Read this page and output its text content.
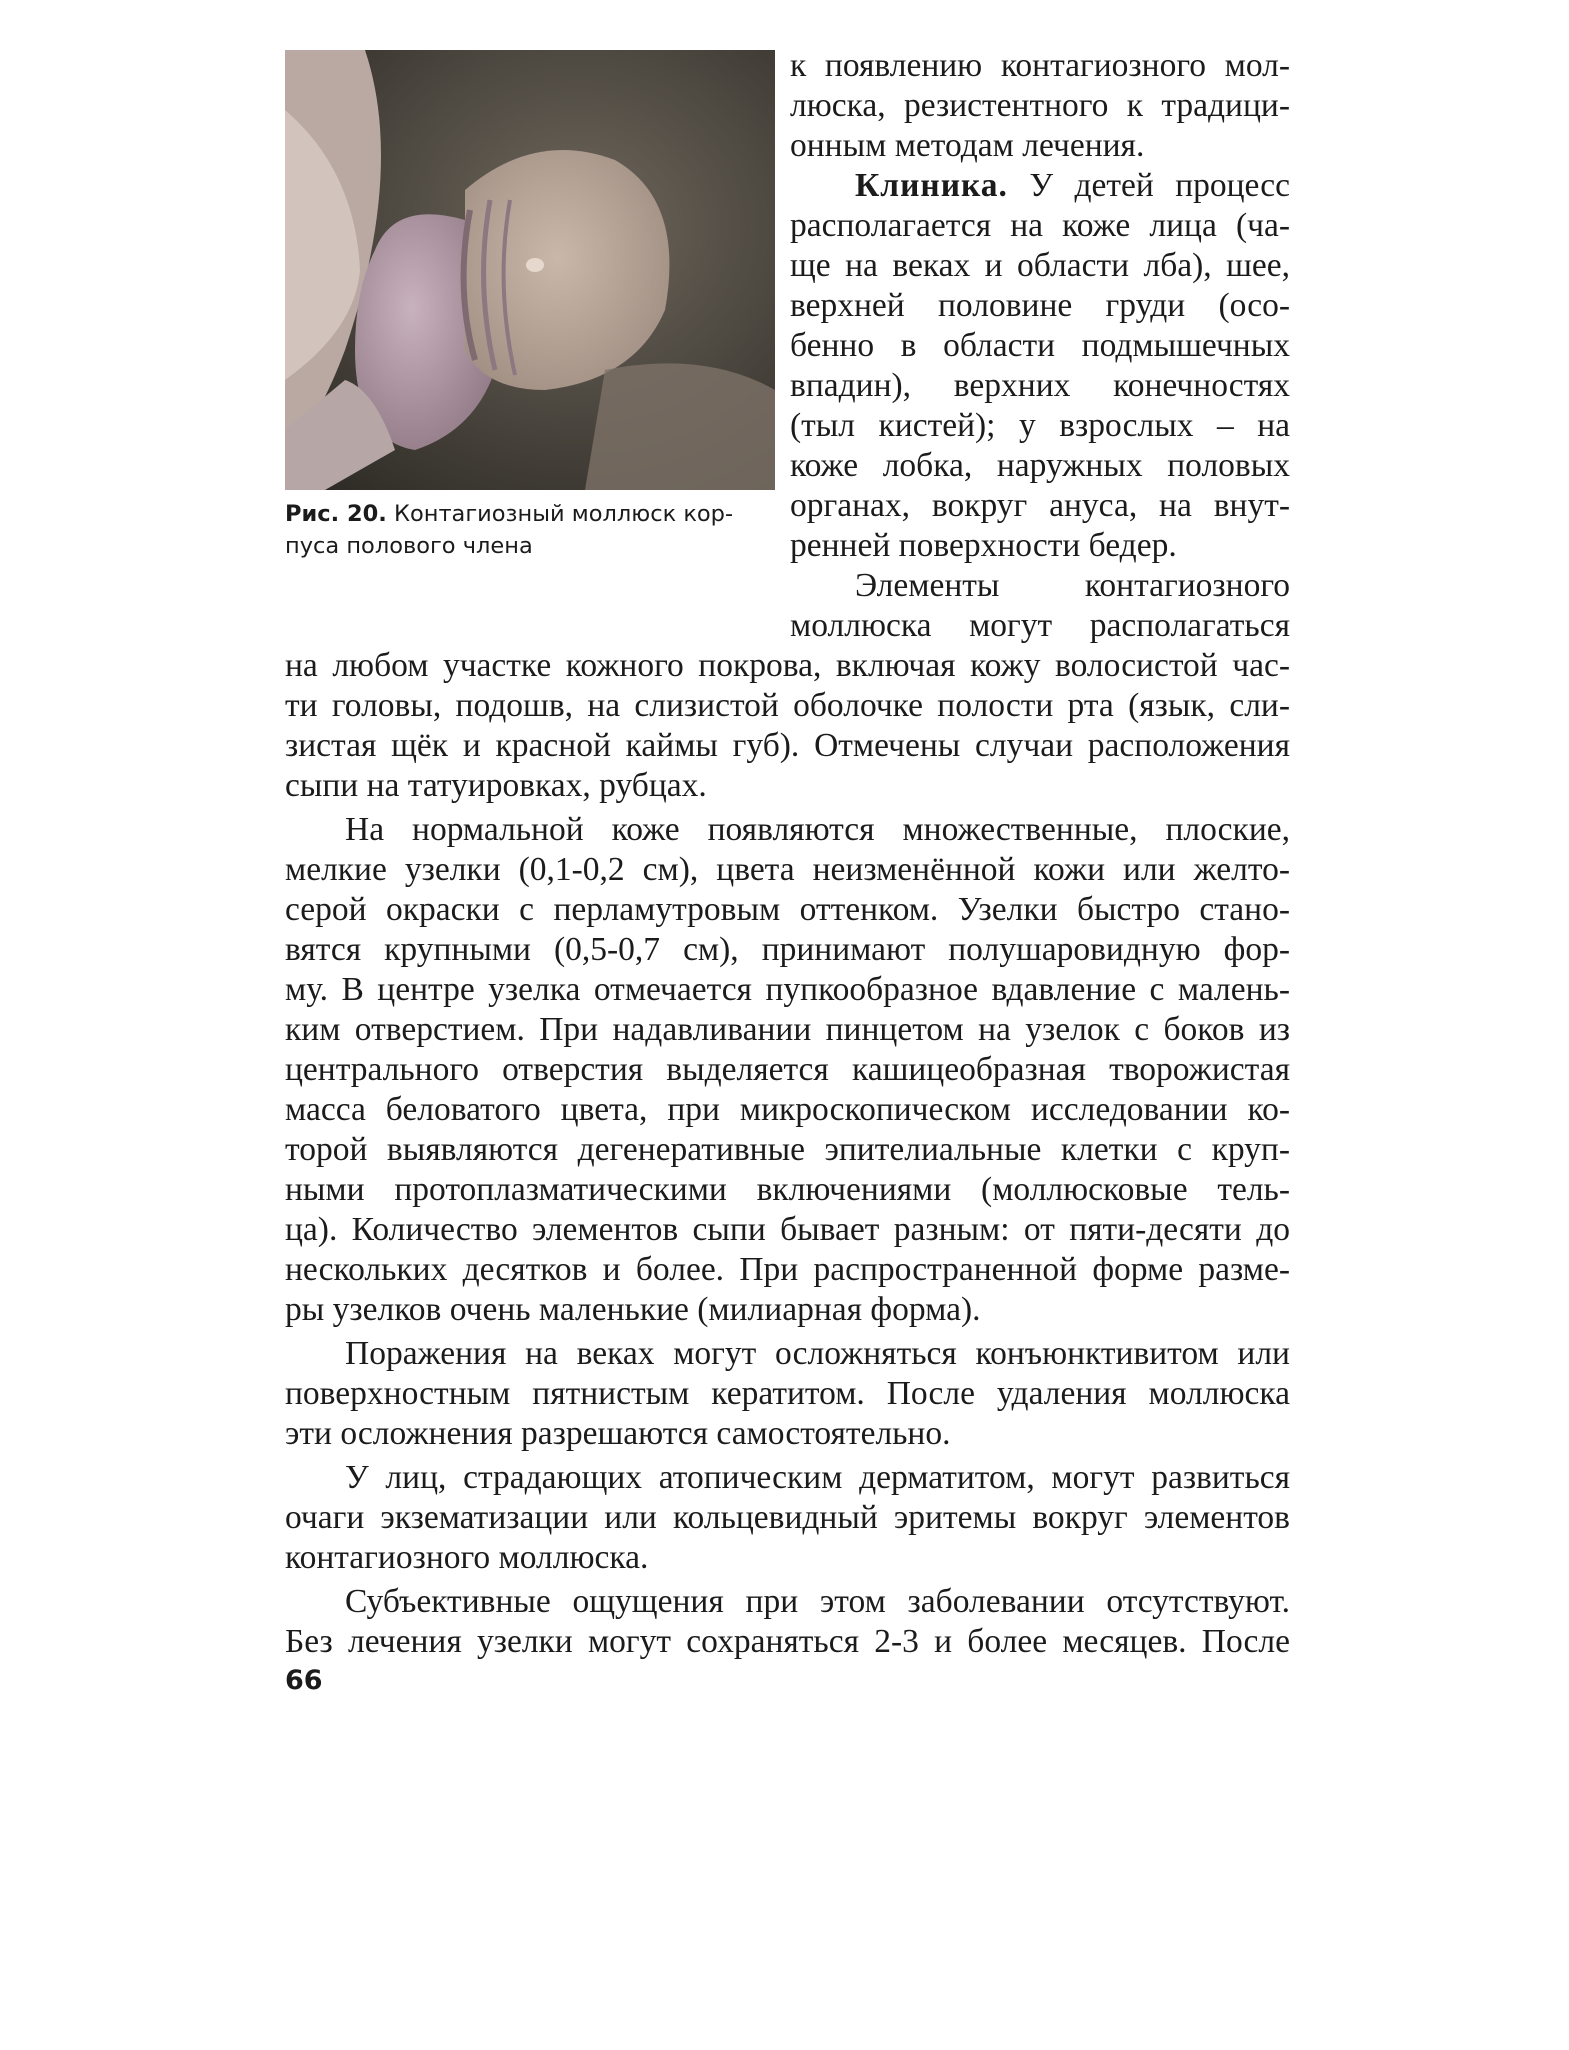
Рис. 20. Контагиозный моллюск кор-
пуса полового члена
к появлению контагиозного мол-
люска, резистентного к традици-
онным методам лечения.
Клиника. У детей процесс
располагается на коже лица (ча-
ще на веках и области лба), шее,
верхней половине груди (осо-
бенно в области подмышечных
впадин), верхних конечностях
(тыл кистей); у взрослых – на
коже лобка, наружных половых
органах, вокруг ануса, на внут-
ренней поверхности бедер.
Элементы контагиозного
моллюска могут располагаться
на любом участке кожного покрова, включая кожу волосистой час-
ти головы, подошв, на слизистой оболочке полости рта (язык, сли-
зистая щёк и красной каймы губ). Отмечены случаи расположения
сыпи на татуировках, рубцах.
На нормальной коже появляются множественные, плоские,
мелкие узелки (0,1-0,2 см), цвета неизменённой кожи или желто-
серой окраски с перламутровым оттенком. Узелки быстро стано-
вятся крупными (0,5-0,7 см), принимают полушаровидную фор-
му. В центре узелка отмечается пупкообразное вдавление с малень-
ким отверстием. При надавливании пинцетом на узелок с боков из
центрального отверстия выделяется кашицеобразная творожистая
масса беловатого цвета, при микроскопическом исследовании ко-
торой выявляются дегенеративные эпителиальные клетки с круп-
ными протоплазматическими включениями (моллюсковые тель-
ца). Количество элементов сыпи бывает разным: от пяти-десяти до
нескольких десятков и более. При распространенной форме разме-
ры узелков очень маленькие (милиарная форма).
Поражения на веках могут осложняться конъюнктивитом или
поверхностным пятнистым кератитом. После удаления моллюска
эти осложнения разрешаются самостоятельно.
У лиц, страдающих атопическим дерматитом, могут развиться
очаги экзематизации или кольцевидный эритемы вокруг элементов
контагиозного моллюска.
Субъективные ощущения при этом заболевании отсутствуют.
Без лечения узелки могут сохраняться 2-3 и более месяцев. После
66
